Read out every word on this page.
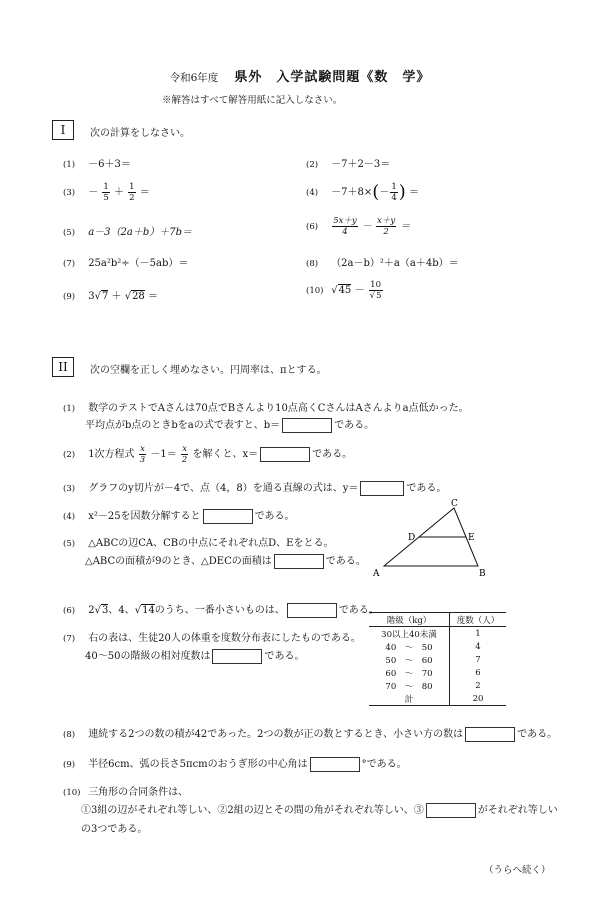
令和6年度 県外　入学試験問題《数　学》
※解答はすべて解答用紙に記入しなさい。
I	次の計算をしなさい。
(1) －6＋3＝	(2) －7＋2－3＝
$(3) - \frac{1}{5} + \frac{1}{2}$ ＝	$(4) -7+8\times(- \frac{1}{4}$ ) ＝
(5) a－3（2a＋b）＋7b＝	$(6) \frac{5x+y}{4} - \frac{x+y}{2}$ ＝
(7) 25a²b²÷（－5ab）＝	(8) （2a－b）²＋a（a＋4b）＝
(9) 3√7 ＋ √28 ＝	(10) $√45 - \frac{10}{√5}$
II	次の空欄を正しく埋めなさい。円周率は、πとする。
(1) 数学のテストでAさんは70点でBさんより10点高くCさんはAさんよりa点低かった。
平均点がb点のときbをaの式で表すと、b＝	である。
(2) 1次方程式 $\frac{x}{3} -1= \frac{x}{2}$ を解くと、x＝	である。
(3) グラフのy切片が－4で、点（4，8）を通る直線の式は、y＝	である。
(4) x²－25を因数分解すると	である。
(5) △ABCの辺CA、CBの中点にそれぞれ点D、Eをとる。
△ABCの面積が9のとき、△DECの面積は	である。
A	B
C
D	E
(6) 2√3、4、√14のうち、一番小さいものは、	である。
(7) 右の表は、生徒20人の体重を度数分布表にしたものである。
40～50の階級の相対度数は	である。
階級（kg）	度数（人）
30以上40未満	1
40　～　50	4
50　～　60	7
60　～　70	6
70　～　80	2
計	20
(8) 連続する2つの数の積が42であった。2つの数が正の数とするとき、小さい方の数は	である。
(9) 半径6cm、弧の長さ5πcmのおうぎ形の中心角は	°である。
(10) 三角形の合同条件は、
①3組の辺がそれぞれ等しい、②2組の辺とその間の角がそれぞれ等しい、③	がそれぞれ等しい
の3つである。
（うらへ続く）
